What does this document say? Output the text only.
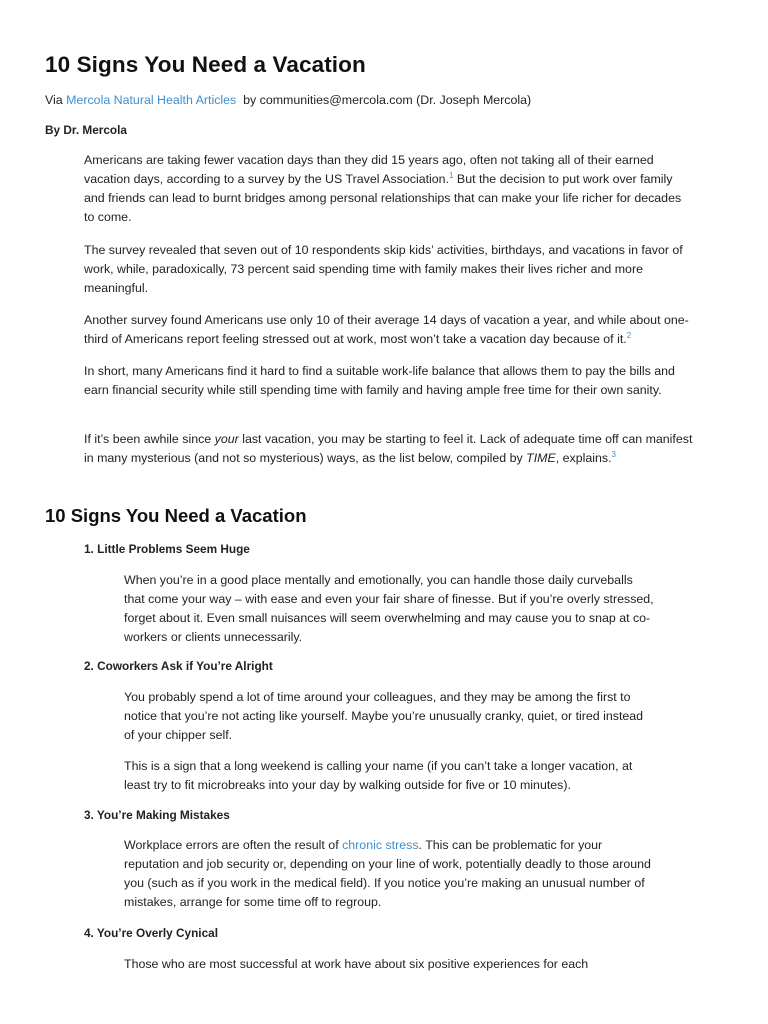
10 Signs You Need a Vacation

Via Mercola Natural Health Articles by communities@mercola.com (Dr. Joseph Mercola)

By Dr. Mercola

Americans are taking fewer vacation days than they did 15 years ago, often not taking all of their earned vacation days, according to a survey by the US Travel Association.$^1$ But the decision to put work over family and friends can lead to burnt bridges among personal relationships that can make your life richer for decades to come.

The survey revealed that seven out of 10 respondents skip kids’ activities, birthdays, and vacations in favor of work, while, paradoxically, 73 percent said spending time with family makes their lives richer and more meaningful.

Another survey found Americans use only 10 of their average 14 days of vacation a year, and while about one-third of Americans report feeling stressed out at work, most won’t take a vacation day because of it.$^2$

In short, many Americans find it hard to find a suitable work-life balance that allows them to pay the bills and earn financial security while still spending time with family and having ample free time for their own sanity.

If it’s been awhile since your last vacation, you may be starting to feel it. Lack of adequate time off can manifest in many mysterious (and not so mysterious) ways, as the list below, compiled by TIME, explains.$^3$

10 Signs You Need a Vacation

1. Little Problems Seem Huge

When you’re in a good place mentally and emotionally, you can handle those daily curveballs that come your way – with ease and even your fair share of finesse. But if you’re overly stressed, forget about it. Even small nuisances will seem overwhelming and may cause you to snap at co-workers or clients unnecessarily.

2. Coworkers Ask if You’re Alright

You probably spend a lot of time around your colleagues, and they may be among the first to notice that you’re not acting like yourself. Maybe you’re unusually cranky, quiet, or tired instead of your chipper self.

This is a sign that a long weekend is calling your name (if you can’t take a longer vacation, at least try to fit microbreaks into your day by walking outside for five or 10 minutes).

3. You’re Making Mistakes

Workplace errors are often the result of chronic stress. This can be problematic for your reputation and job security or, depending on your line of work, potentially deadly to those around you (such as if you work in the medical field). If you notice you’re making an unusual number of mistakes, arrange for some time off to regroup.

4. You’re Overly Cynical

Those who are most successful at work have about six positive experiences for each
